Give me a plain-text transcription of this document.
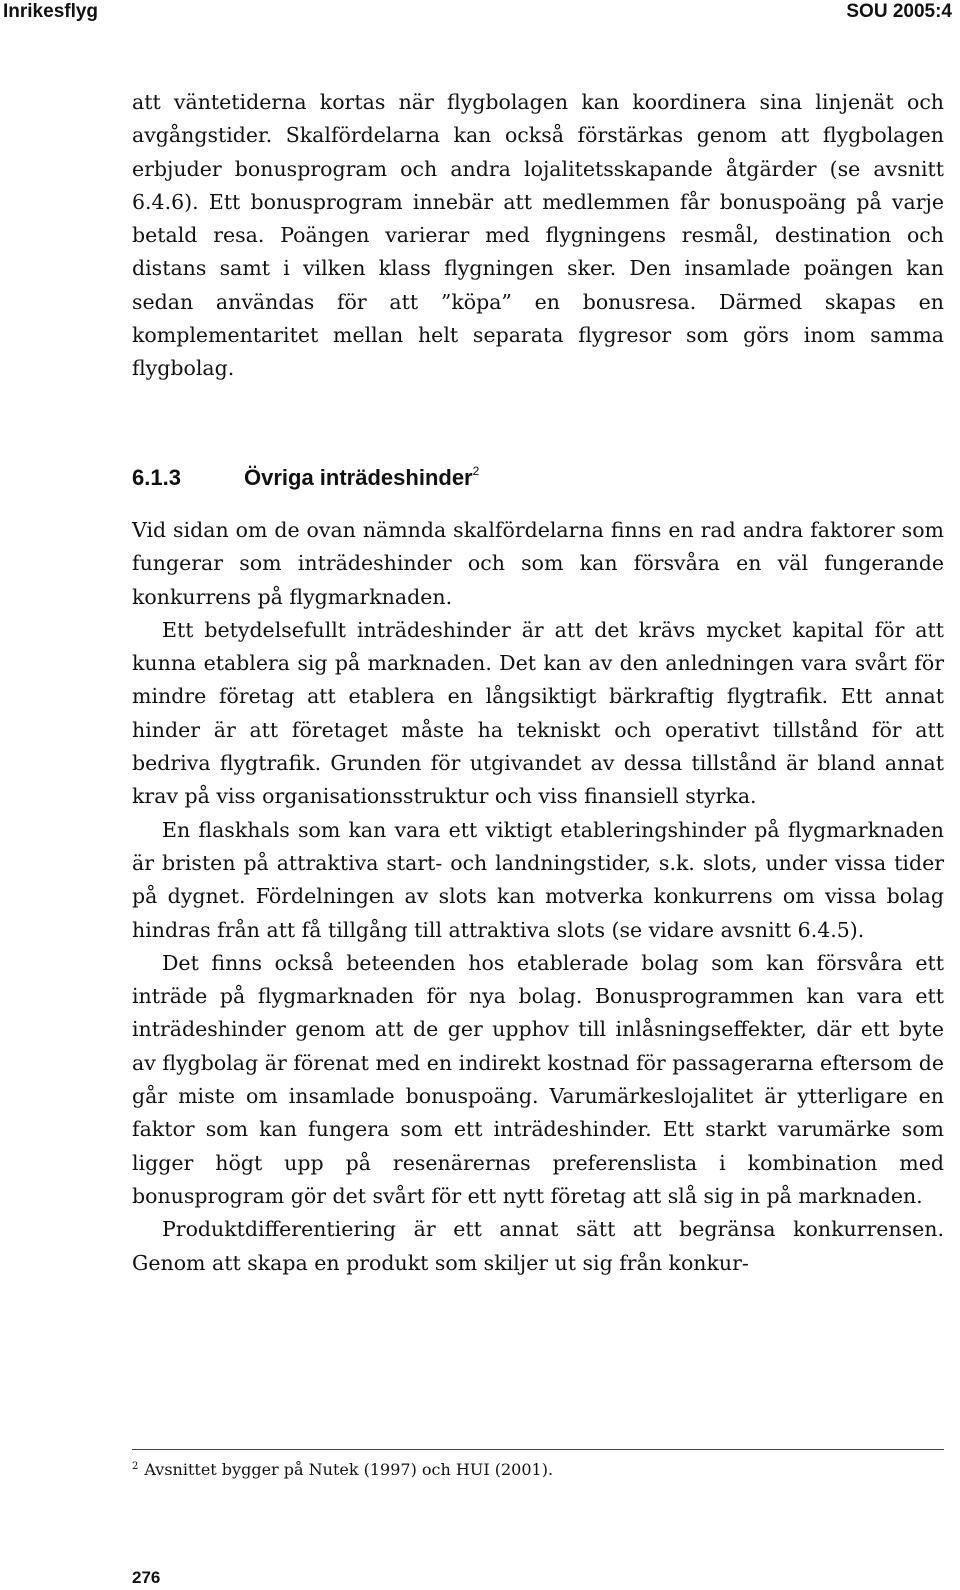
Inrikesflyg	SOU 2005:4

att väntetiderna kortas när flygbolagen kan koordinera sina linjenät och avgångstider. Skalfördelarna kan också förstärkas genom att flygbolagen erbjuder bonusprogram och andra lojalitetsskapande åtgärder (se avsnitt 6.4.6). Ett bonusprogram innebär att medlemmen får bonuspoäng på varje betald resa. Poängen varierar med flygningens resmål, destination och distans samt i vilken klass flygningen sker. Den insamlade poängen kan sedan användas för att ”köpa” en bonusresa. Därmed skapas en komplementaritet mellan helt separata flygresor som görs inom samma flygbolag.

6.1.3	Övriga inträdeshinder$^2$

Vid sidan om de ovan nämnda skalfördelarna finns en rad andra faktorer som fungerar som inträdeshinder och som kan försvåra en väl fungerande konkurrens på flygmarknaden.

Ett betydelsefullt inträdeshinder är att det krävs mycket kapital för att kunna etablera sig på marknaden. Det kan av den anledningen vara svårt för mindre företag att etablera en långsiktigt bärkraftig flygtrafik. Ett annat hinder är att företaget måste ha tekniskt och operativt tillstånd för att bedriva flygtrafik. Grunden för utgivandet av dessa tillstånd är bland annat krav på viss organisationsstruktur och viss finansiell styrka.

En flaskhals som kan vara ett viktigt etableringshinder på flygmarknaden är bristen på attraktiva start- och landningstider, s.k. slots, under vissa tider på dygnet. Fördelningen av slots kan motverka konkurrens om vissa bolag hindras från att få tillgång till attraktiva slots (se vidare avsnitt 6.4.5).

Det finns också beteenden hos etablerade bolag som kan försvåra ett inträde på flygmarknaden för nya bolag. Bonusprogrammen kan vara ett inträdeshinder genom att de ger upphov till inlåsningseffekter, där ett byte av flygbolag är förenat med en indirekt kostnad för passagerarna eftersom de går miste om insamlade bonuspoäng. Varumärkeslojalitet är ytterligare en faktor som kan fungera som ett inträdeshinder. Ett starkt varumärke som ligger högt upp på resenärernas preferenslista i kombination med bonusprogram gör det svårt för ett nytt företag att slå sig in på marknaden.

Produktdifferentiering är ett annat sätt att begränsa konkurrensen. Genom att skapa en produkt som skiljer ut sig från konkur-

$^2$ Avsnittet bygger på Nutek (1997) och HUI (2001).
276
